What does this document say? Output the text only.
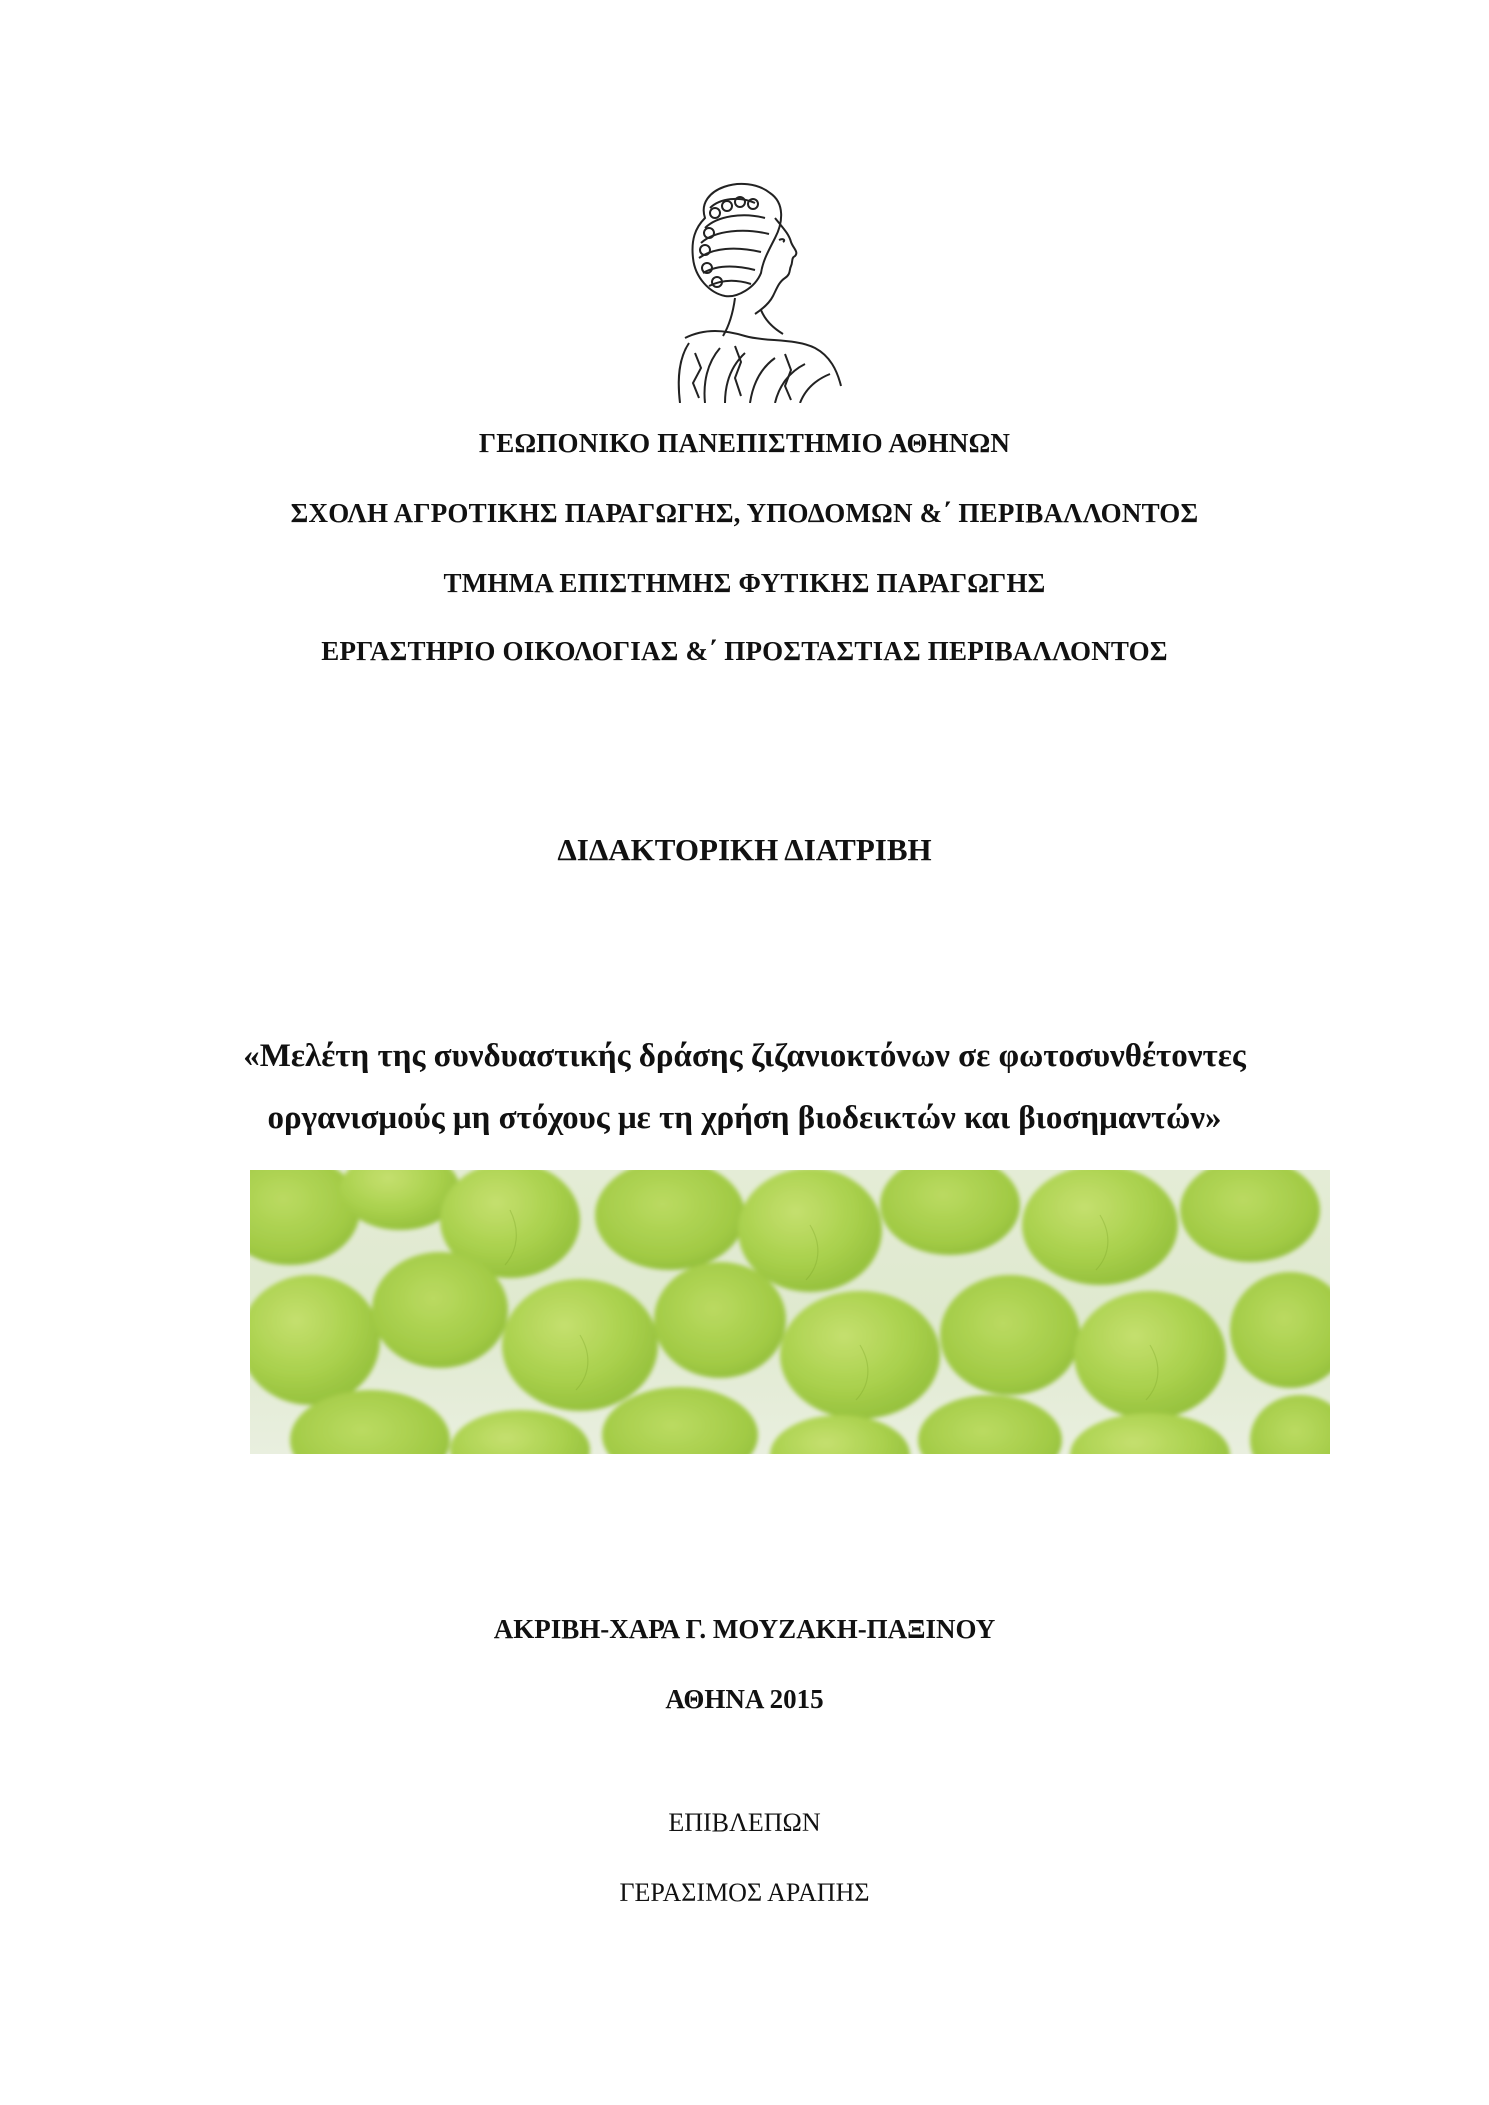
ΓΕΩΠΟΝΙΚΟ ΠΑΝΕΠΙΣΤΗΜΙΟ ΑΘΗΝΩΝ
ΣΧΟΛΗ ΑΓΡΟΤΙΚΗΣ ΠΑΡΑΓΩΓΗΣ, ΥΠΟΔΟΜΩΝ &΄ ΠΕΡΙΒΑΛΛΟΝΤΟΣ
ΤΜΗΜΑ ΕΠΙΣΤΗΜΗΣ ΦΥΤΙΚΗΣ ΠΑΡΑΓΩΓΗΣ
ΕΡΓΑΣΤΗΡΙΟ ΟΙΚΟΛΟΓΙΑΣ &΄ ΠΡΟΣΤΑΣΤΙΑΣ ΠΕΡΙΒΑΛΛΟΝΤΟΣ
ΔΙΔΑΚΤΟΡΙΚΗ ΔΙΑΤΡΙΒΗ
«Μελέτη της συνδυαστικής δράσης ζιζανιοκτόνων σε φωτοσυνθέτοντες
οργανισμούς μη στόχους με τη χρήση βιοδεικτών και βιοσημαντών»
ΑΚΡΙΒΗ-ΧΑΡΑ Γ. ΜΟΥΖΑΚΗ-ΠΑΞΙΝΟΥ
ΑΘΗΝΑ 2015
ΕΠΙΒΛΕΠΩΝ
ΓΕΡΑΣΙΜΟΣ ΑΡΑΠΗΣ
